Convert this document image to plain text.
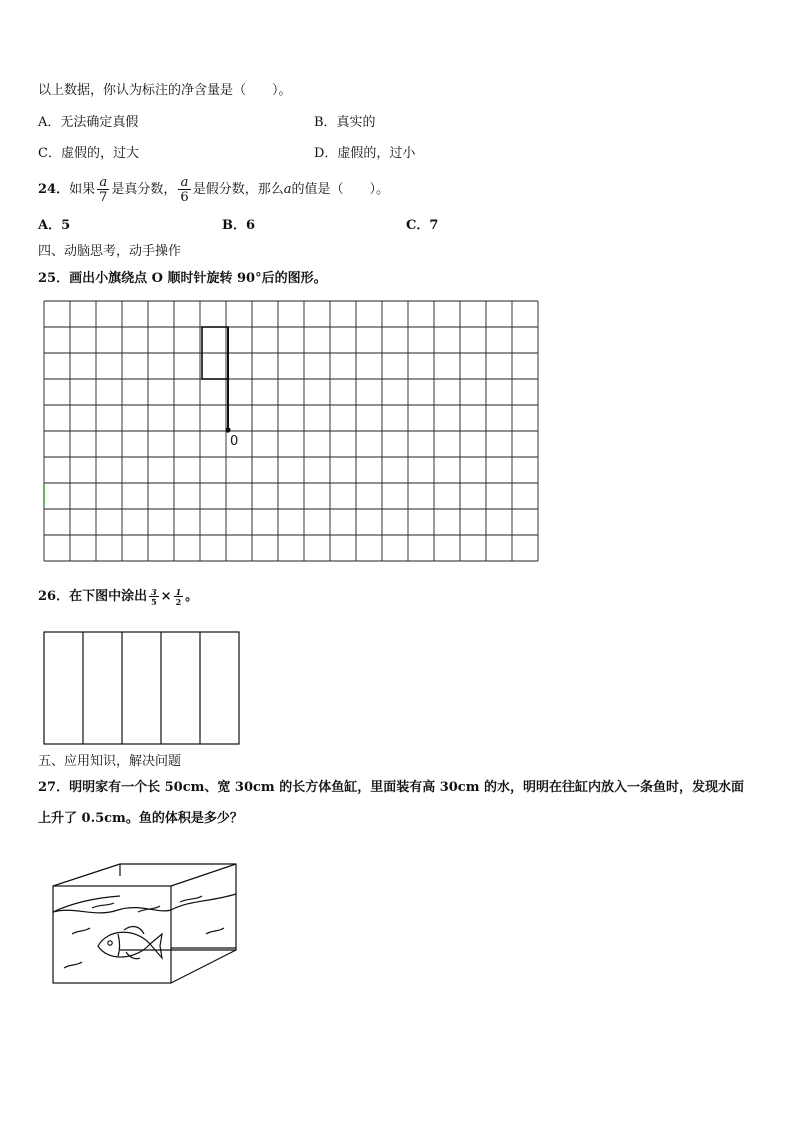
以上数据，你认为标注的净含量是（　　）。
A．无法确定真假	B．真实的
C．虚假的，过大	D．虚假的，过小
24．如果 $\frac{a}{7}$ 是真分数， $\frac{a}{6}$ 是假分数，那么a的值是（　　）。
A．5	B．6	C．7
四、动脑思考，动手操作
25．画出小旗绕点 O 顺时针旋转 90°后的图形。
0
26．在下图中涂出 $\frac{3}{5} \times \frac{1}{2}$ 。
五、应用知识，解决问题
27．明明家有一个长 50cm、宽 30cm 的长方体鱼缸，里面装有高 30cm 的水，明明在往缸内放入一条鱼时，发现水面
上升了 0.5cm。鱼的体积是多少？
